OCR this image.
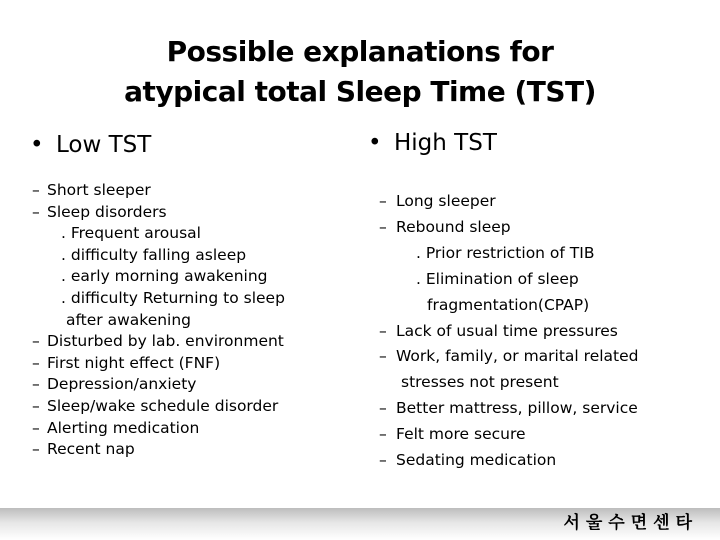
Possible explanations for
atypical total Sleep Time (TST)
• Low TST
– Short sleeper
– Sleep disorders
. Frequent arousal
. difficulty falling asleep
. early morning awakening
. difficulty Returning to sleep
after awakening
– Disturbed by lab. environment
– First night effect (FNF)
– Depression/anxiety
– Sleep/wake schedule disorder
– Alerting medication
– Recent nap
• High TST
– Long sleeper
– Rebound sleep
. Prior restriction of TIB
. Elimination of sleep
fragmentation(CPAP)
– Lack of usual time pressures
– Work, family, or marital related
stresses not present
– Better mattress, pillow, service
– Felt more secure
– Sedating medication
서울수면센타
